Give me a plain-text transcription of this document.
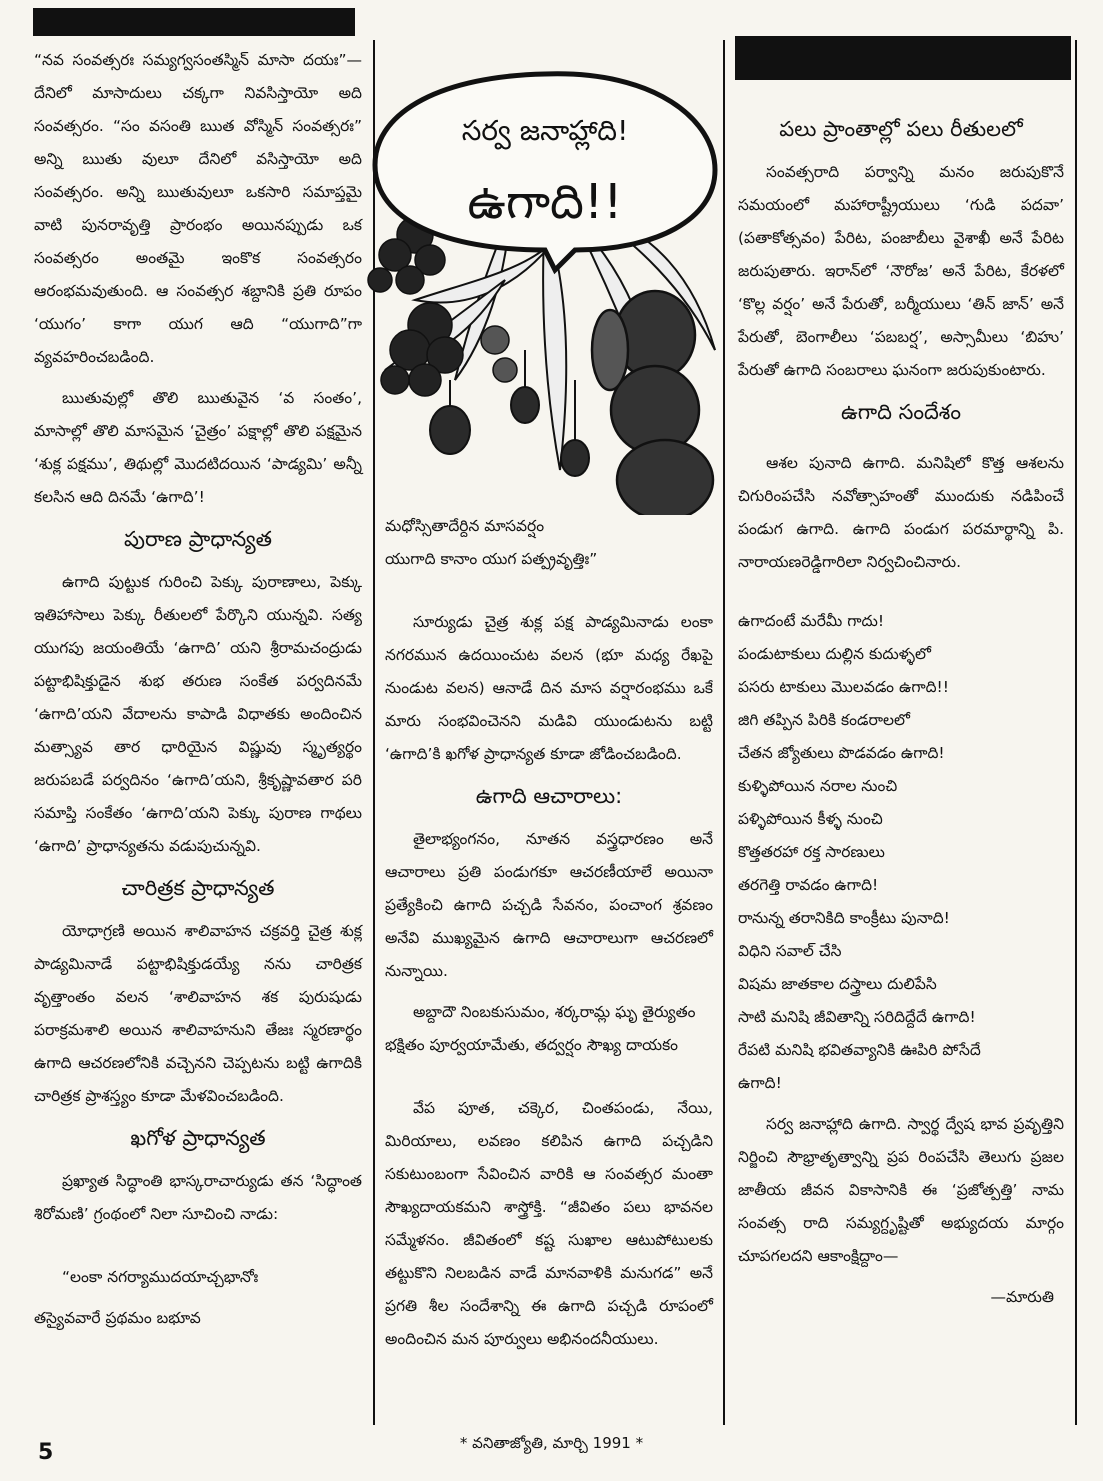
“నవ సంవత్సరః సమ్యగ్వసంతస్మిన్ మాసా దయః”— దేనిలో మాసాదులు చక్కగా నివసిస్తాయో అది సంవత్సరం. “సం వసంతి ఋత వోస్మిన్ సంవత్సరః” అన్ని ఋతు వులూ దేనిలో వసిస్తాయో అది సంవత్సరం. అన్ని ఋతువులూ ఒకసారి సమాప్తమై వాటి పునరావృత్తి ప్రారంభం అయినప్పుడు ఒక సంవత్సరం అంతమై ఇంకొక సంవత్సరం ఆరంభమవుతుంది. ఆ సంవత్సర శబ్దానికి ప్రతి రూపం ‘యుగం’ కాగా యుగ ఆది “యుగాది”గా వ్యవహరించబడింది.

ఋతువుల్లో తొలి ఋతువైన ‘వ సంతం’, మాసాల్లో తొలి మాసమైన ‘చైత్రం’ పక్షాల్లో తొలి పక్షమైన ‘శుక్ల పక్షము’, తిథుల్లో మొదటిదయిన ‘పాడ్యమి’ అన్నీ కలసిన ఆది దినమే ‘ఉగాది’!

పురాణ ప్రాధాన్యత

ఉగాది పుట్టుక గురించి పెక్కు పురాణాలు, పెక్కు ఇతిహాసాలు పెక్కు రీతులలో పేర్కొని యున్నవి. సత్య యుగపు జయంతియే ‘ఉగాది’ యని శ్రీరామచంద్రుడు పట్టాభిషిక్తుడైన శుభ తరుణ సంకేత పర్వదినమే ‘ఉగాది’యని వేదాలను కాపాడి విధాతకు అందించిన మత్స్యావ తార ధారియైన విష్ణువు స్మృత్యర్థం జరుపబడే పర్వదినం ‘ఉగాది’యని, శ్రీకృష్ణావతార పరి సమాప్తి సంకేతం ‘ఉగాది’యని పెక్కు పురాణ గాథలు ‘ఉగాది’ ప్రాధాన్యతను వడుపుచున్నవి.

చారిత్రక ప్రాధాన్యత

యోధాగ్రణి అయిన శాలివాహన చక్రవర్తి చైత్ర శుక్ల పాడ్యమినాడే పట్టాభిషిక్తుడయ్యే నను చారిత్రక వృత్తాంతం వలన ‘శాలివాహన శక పురుషుడు పరాక్రమశాలి అయిన శాలివాహనుని తేజః స్మరణార్థం ఉగాది ఆచరణలోనికి వచ్చెనని చెప్పటను బట్టి ఉగాదికి చారిత్రక ప్రాశస్త్యం కూడా మేళవించబడింది.

ఖగోళ ప్రాధాన్యత

ప్రఖ్యాత సిద్ధాంతి భాస్కరాచార్యుడు తన ‘సిద్ధాంత శిరోమణి’ గ్రంథంలో నిలా సూచించి నాడు:

“లంకా నగర్యాముదయాచ్చభానోః

తస్యైవవారే ప్రథమం బభూవ

సర్వ జనాహ్లాది!
ఉగాది!!

మధోస్సితాదేర్దిన మాసవర్షం

యుగాది కానాం యుగ పత్ప్రవృత్తిః”

సూర్యుడు చైత్ర శుక్ల పక్ష పాడ్యమినాడు లంకా నగరమున ఉదయించుట వలన (భూ మధ్య రేఖపై నుండుట వలన) ఆనాడే దిన మాస వర్షారంభము ఒకే మారు సంభవించెనని మడివి యుండుటను బట్టి ‘ఉగాది’కి ఖగోళ ప్రాధాన్యత కూడా జోడించబడింది.

ఉగాది ఆచారాలు:

తైలాభ్యంగనం, నూతన వస్త్రధారణం అనే ఆచారాలు ప్రతి పండుగకూ ఆచరణీయాలే అయినా ప్రత్యేకించి ఉగాది పచ్చడి సేవనం, పంచాంగ శ్రవణం అనేవి ముఖ్యమైన ఉగాది ఆచారాలుగా ఆచరణలో నున్నాయి.

అబ్దాదౌ నింబకుసుమం, శర్కరామ్ల ఘృ తైర్యుతం

భక్షితం పూర్వయామేతు, తద్వర్షం సౌఖ్య దాయకం

వేప పూత, చక్కెర, చింతపండు, నేయి, మిరియాలు, లవణం కలిపిన ఉగాది పచ్చడిని సకుటుంబంగా సేవించిన వారికి ఆ సంవత్సర మంతా సౌఖ్యదాయకమని శాస్త్రోక్తి. “జీవితం పలు భావనల సమ్మేళనం. జీవితంలో కష్ట సుఖాల ఆటుపోటులకు తట్టుకొని నిలబడిన వాడే మానవాళికి మనుగడ” అనే ప్రగతి శీల సందేశాన్ని ఈ ఉగాది పచ్చడి రూపంలో అందించిన మన పూర్వులు అభినందనీయులు.

పలు ప్రాంతాల్లో పలు రీతులలో

సంవత్సరాది పర్వాన్ని మనం జరుపుకొనే సమయంలో మహారాష్ట్రీయులు ‘గుడి పదవా’ (పతాకోత్సవం) పేరిట, పంజాబీలు వైశాఖీ అనే పేరిట జరుపుతారు. ఇరాన్‌లో ‘నౌరోజ’ అనే పేరిట, కేరళలో ‘కొల్ల వర్షం’ అనే పేరుతో, బర్మీయులు ‘తిన్ జాన్’ అనే పేరుతో, బెంగాలీలు ‘పబబర్ష’, అస్సామీలు ‘బిహు’ పేరుతో ఉగాది సంబరాలు ఘనంగా జరుపుకుంటారు.

ఉగాది సందేశం

ఆశల పునాది ఉగాది. మనిషిలో కొత్త ఆశలను చిగురింపచేసి నవోత్సాహంతో ముందుకు నడిపించే పండుగ ఉగాది. ఉగాది పండుగ పరమార్థాన్ని పి. నారాయణరెడ్డిగారిలా నిర్వచించినారు.

ఉగాదంటే మరేమీ గాదు!
పండుటాకులు దుల్లిన కుదుళ్ళలో
పసరు టాకులు మొలవడం ఉగాది!!
జిగి తప్పిన పిరికి కండరాలలో
చేతన జ్యోతులు పొడవడం ఉగాది!
కుళ్ళిపోయిన నరాల నుంచి
పళ్ళిపోయిన కీళ్ళ నుంచి
కొత్తతరహా రక్త సారణులు
తరగెత్తి రావడం ఉగాది!
రానున్న తరానికిది కాంక్రీటు పునాది!
విధిని సవాల్ చేసి
విషమ జాతకాల దస్త్రాలు దులిపేసి
సాటి మనిషి జీవితాన్ని సరిదిద్దేదే ఉగాది!
రేపటి మనిషి భవితవ్యానికి ఊపిరి పోసేదే
ఉగాది!

సర్వ జనాహ్లాది ఉగాది. స్వార్థ ద్వేష భావ ప్రవృత్తిని నిర్జించి సౌభ్రాతృత్వాన్ని ప్రప రింపచేసి తెలుగు ప్రజల జాతీయ జీవన వికాసానికి ఈ ‘ప్రజోత్పత్తి’ నామ సంవత్స రాది సమ్యగ్దృష్టితో అభ్యుదయ మార్గం చూపగలదని ఆకాంక్షిద్దాం—

—మారుతి
* వనితాజ్యోతి, మార్చి 1991 *
5
